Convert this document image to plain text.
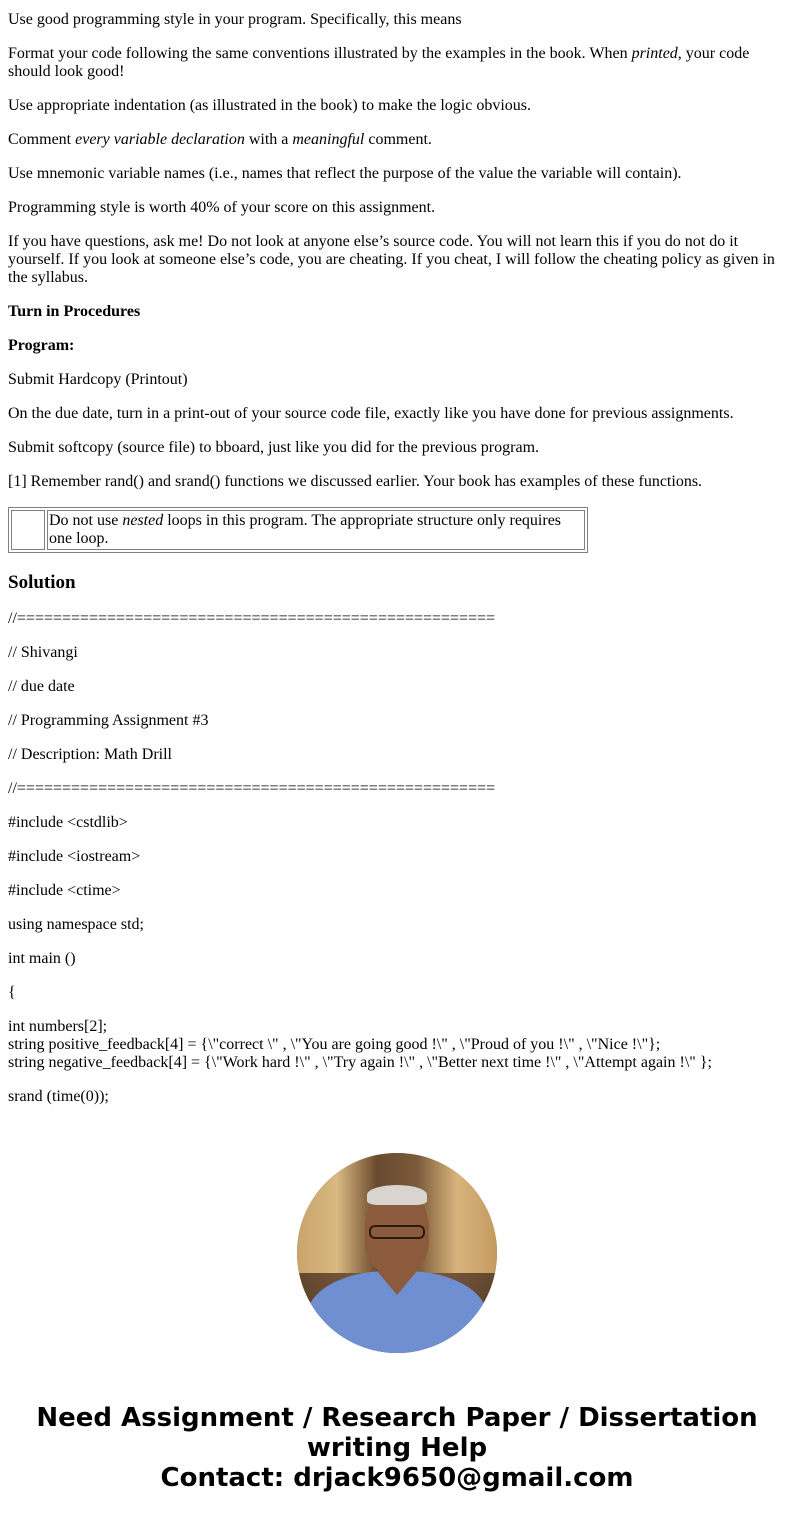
Use good programming style in your program. Specifically, this means

Format your code following the same conventions illustrated by the examples in the book. When printed, your code should look good!

Use appropriate indentation (as illustrated in the book) to make the logic obvious.

Comment every variable declaration with a meaningful comment.

Use mnemonic variable names (i.e., names that reflect the purpose of the value the variable will contain).

Programming style is worth 40% of your score on this assignment.

If you have questions, ask me! Do not look at anyone else’s source code. You will not learn this if you do not do it yourself. If you look at someone else’s code, you are cheating. If you cheat, I will follow the cheating policy as given in the syllabus.

Turn in Procedures

Program:

Submit Hardcopy (Printout)

On the due date, turn in a print-out of your source code file, exactly like you have done for previous assignments.

Submit softcopy (source file) to bboard, just like you did for the previous program.

[1] Remember rand() and srand() functions we discussed earlier. Your book has examples of these functions.

	Do not use nested loops in this program. The appropriate structure only requires one loop.
Solution
//=====================================================
// Shivangi
// due date
// Programming Assignment #3
// Description: Math Drill
//=====================================================
#include <cstdlib>
#include <iostream>
#include <ctime>
using namespace std;
int main ()
{
int numbers[2];
string positive_feedback[4] = {\"correct \" , \"You are going good !\" , \"Proud of you !\" , \"Nice !\"};
string negative_feedback[4] = {\"Work hard !\" , \"Try again !\" , \"Better next time !\" , \"Attempt again !\" };
srand (time(0));
Need Assignment / Research Paper / Dissertation
writing Help
Contact: drjack9650@gmail.com
